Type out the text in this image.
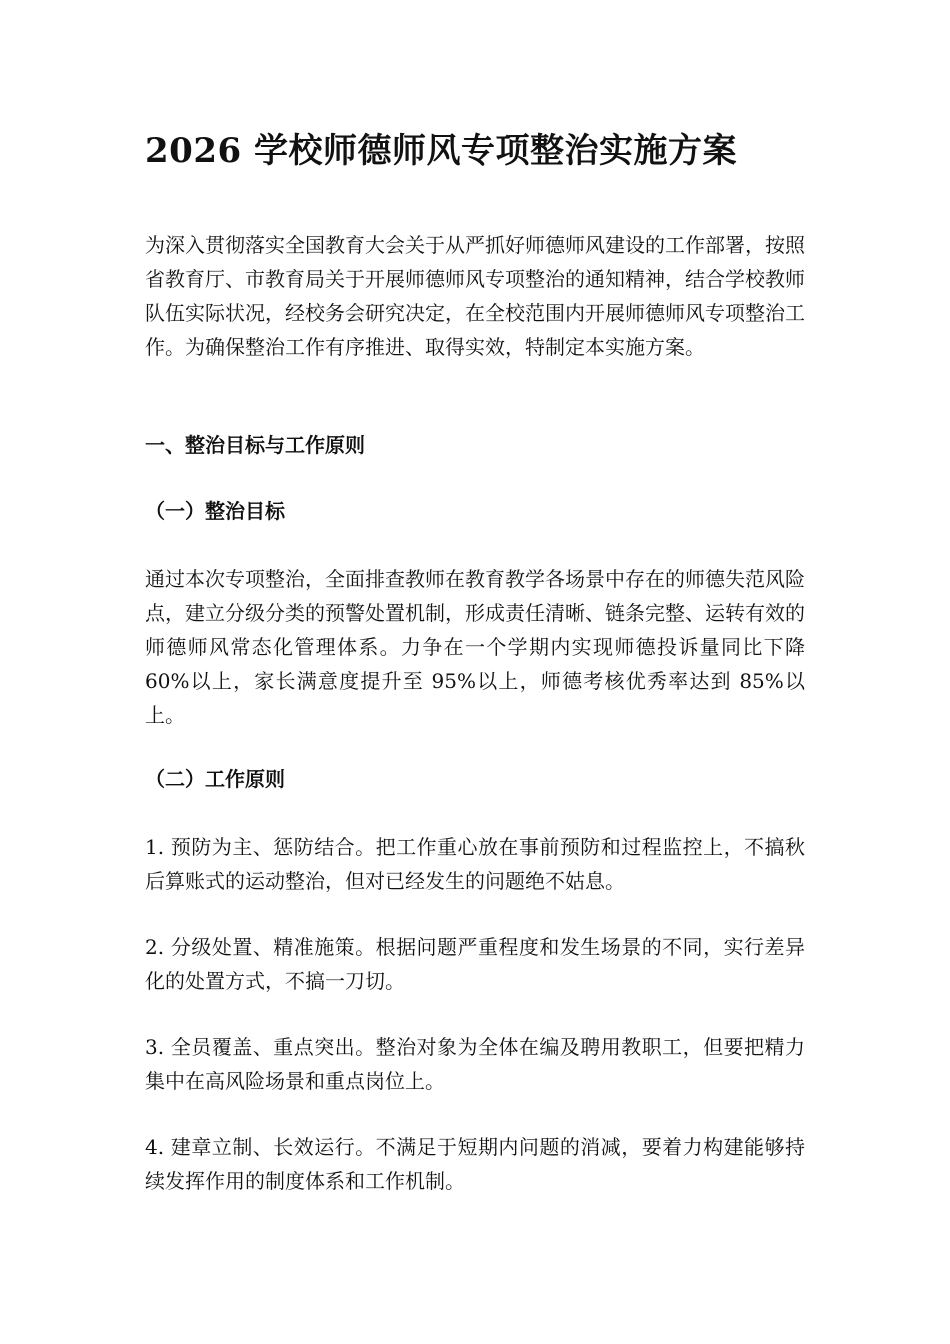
2026 学校师德师风专项整治实施方案

为深入贯彻落实全国教育大会关于从严抓好师德师风建设的工作部署，按照省教育厅、市教育局关于开展师德师风专项整治的通知精神，结合学校教师队伍实际状况，经校务会研究决定，在全校范围内开展师德师风专项整治工作。为确保整治工作有序推进、取得实效，特制定本实施方案。

一、整治目标与工作原则
（一）整治目标

通过本次专项整治，全面排查教师在教育教学各场景中存在的师德失范风险点，建立分级分类的预警处置机制，形成责任清晰、链条完整、运转有效的师德师风常态化管理体系。力争在一个学期内实现师德投诉量同比下降 60%以上，家长满意度提升至 95%以上，师德考核优秀率达到 85%以上。

（二）工作原则

1. 预防为主、惩防结合。把工作重心放在事前预防和过程监控上，不搞秋后算账式的运动整治，但对已经发生的问题绝不姑息。

2. 分级处置、精准施策。根据问题严重程度和发生场景的不同，实行差异化的处置方式，不搞一刀切。

3. 全员覆盖、重点突出。整治对象为全体在编及聘用教职工，但要把精力集中在高风险场景和重点岗位上。

4. 建章立制、长效运行。不满足于短期内问题的消减，要着力构建能够持续发挥作用的制度体系和工作机制。
